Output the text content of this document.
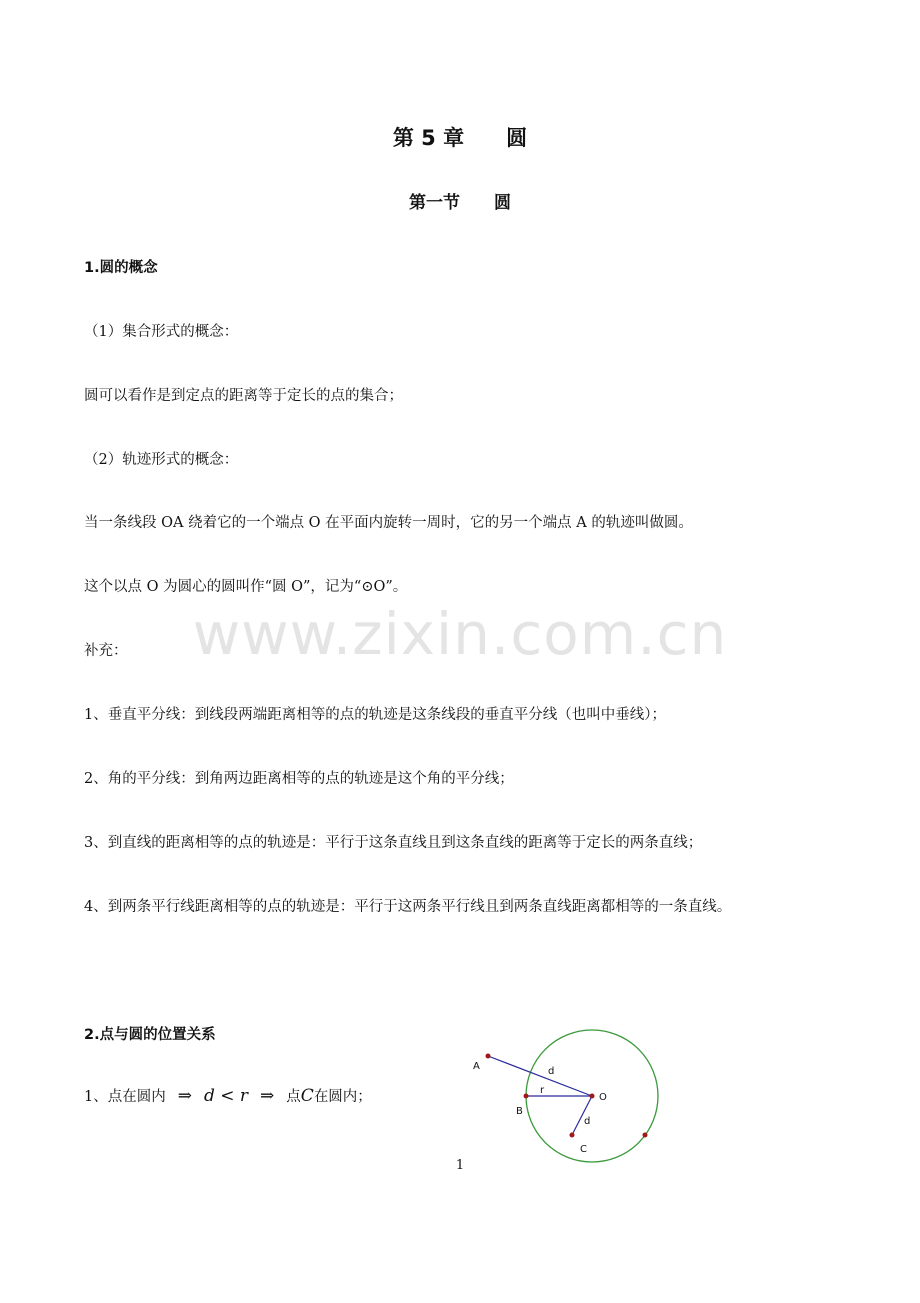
www.zixin.com.cn
第 5 章　　圆
第一节　　圆
1.圆的概念
（1）集合形式的概念：
圆可以看作是到定点的距离等于定长的点的集合；
（2）轨迹形式的概念：
当一条线段 OA 绕着它的一个端点 O 在平面内旋转一周时，它的另一个端点 A 的轨迹叫做圆。
这个以点 O 为圆心的圆叫作“圆 O”，记为“⊙O”。
补充：
1、垂直平分线：到线段两端距离相等的点的轨迹是这条线段的垂直平分线（也叫中垂线）；
2、角的平分线：到角两边距离相等的点的轨迹是这个角的平分线；
3、到直线的距离相等的点的轨迹是：平行于这条直线且到这条直线的距离等于定长的两条直线；
4、到两条平行线距离相等的点的轨迹是：平行于这两条平行线且到两条直线距离都相等的一条直线。
2.点与圆的位置关系
1、点在圆内 ⇒ d < r ⇒ 点C在圆内；
A
B
C
O
d
r
d
1
